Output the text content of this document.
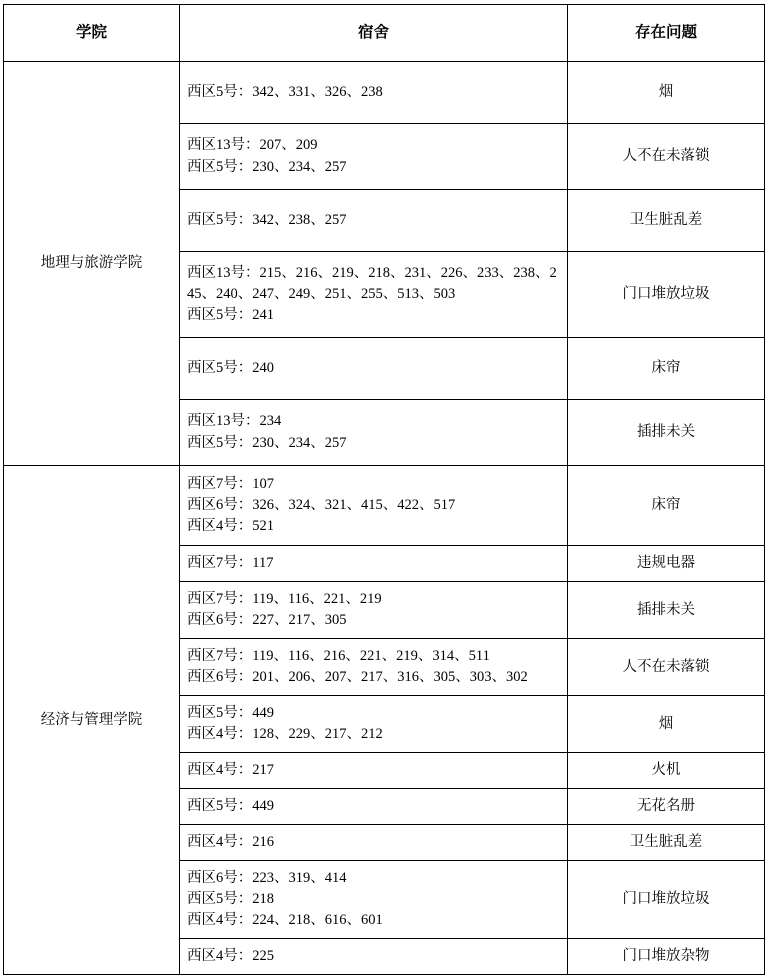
学院	宿舍	存在问题
地理与旅游学院	西区5号：342、331、326、238	烟

	西区13号：207、209
西区5号：230、234、257	人不在未落锁

	西区5号：342、238、257	卫生脏乱差

	西区13号：215、216、219、218、231、226、233、238、245、240、247、249、251、255、513、503
西区5号：241	门口堆放垃圾

	西区5号：240	床帘

	西区13号：234
西区5号：230、234、257	插排未关
经济与管理学院	西区7号：107
西区6号：326、324、321、415、422、517
西区4号：521	床帘

	西区7号：117	违规电器

	西区7号：119、116、221、219
西区6号：227、217、305	插排未关

	西区7号：119、116、216、221、219、314、511
西区6号：201、206、207、217、316、305、303、302	人不在未落锁

	西区5号：449
西区4号：128、229、217、212	烟

	西区4号：217	火机

	西区5号：449	无花名册

	西区4号：216	卫生脏乱差

	西区6号：223、319、414
西区5号：218
西区4号：224、218、616、601	门口堆放垃圾

	西区4号：225	门口堆放杂物
